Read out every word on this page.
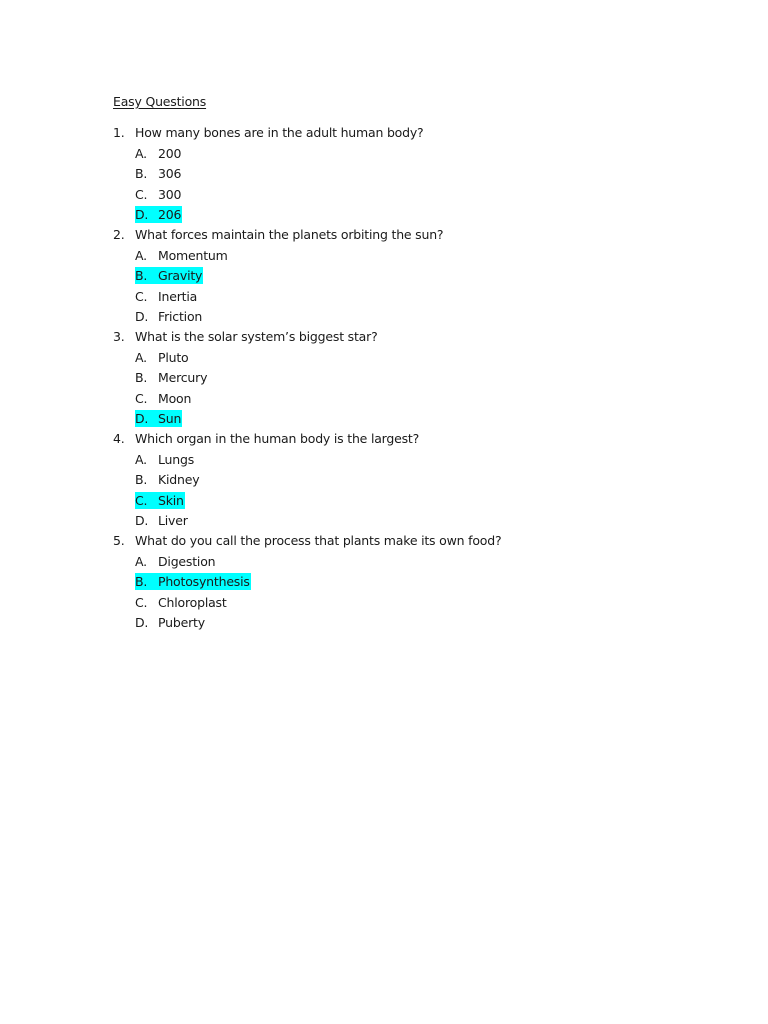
Easy Questions
1. How many bones are in the adult human body?
A. 200
B. 306
C. 300
D. 206
2. What forces maintain the planets orbiting the sun?
A. Momentum
B. Gravity
C. Inertia
D. Friction
3. What is the solar system’s biggest star?
A. Pluto
B. Mercury
C. Moon
D. Sun
4. Which organ in the human body is the largest?
A. Lungs
B. Kidney
C. Skin
D. Liver
5. What do you call the process that plants make its own food?
A. Digestion
B. Photosynthesis
C. Chloroplast
D. Puberty
